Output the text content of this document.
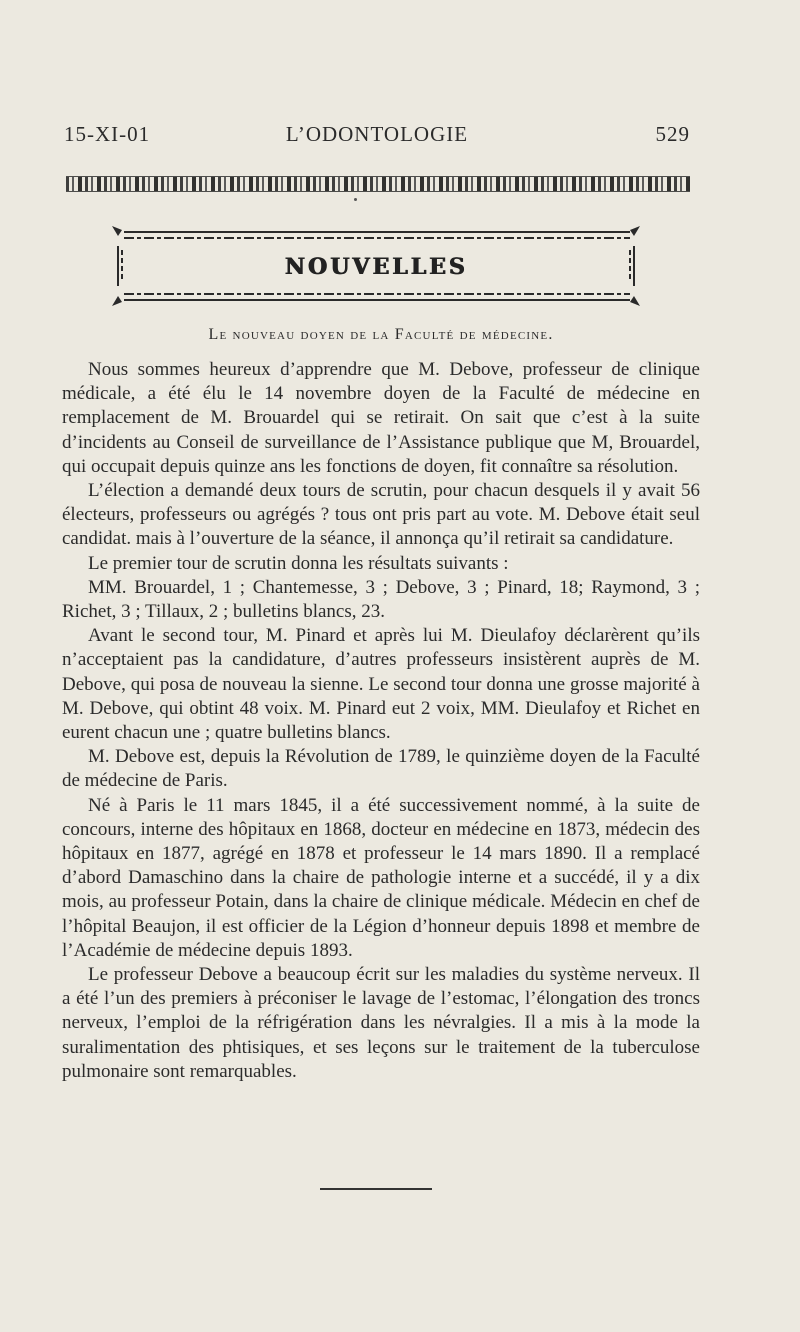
15-XI-01	L’ODONTOLOGIE	529
NOUVELLES
Le nouveau doyen de la Faculté de médecine.

Nous sommes heureux d’apprendre que M. Debove, professeur de clinique médicale, a été élu le 14 novembre doyen de la Faculté de médecine en remplacement de M. Brouardel qui se retirait. On sait que c’est à la suite d’incidents au Conseil de surveillance de l’Assistance publique que M, Brouardel, qui occupait depuis quinze ans les fonctions de doyen, fit connaître sa résolution.

L’élection a demandé deux tours de scrutin, pour chacun desquels il y avait 56 électeurs, professeurs ou agrégés ? tous ont pris part au vote. M. Debove était seul candidat. mais à l’ouverture de la séance, il annonça qu’il retirait sa candidature.

Le premier tour de scrutin donna les résultats suivants :

MM. Brouardel, 1 ; Chantemesse, 3 ; Debove, 3 ; Pinard, 18; Raymond, 3 ; Richet, 3 ; Tillaux, 2 ; bulletins blancs, 23.

Avant le second tour, M. Pinard et après lui M. Dieulafoy déclarèrent qu’ils n’acceptaient pas la candidature, d’autres professeurs insistèrent auprès de M. Debove, qui posa de nouveau la sienne. Le second tour donna une grosse majorité à M. Debove, qui obtint 48 voix. M. Pinard eut 2 voix, MM. Dieulafoy et Richet en eurent chacun une ; quatre bulletins blancs.

M. Debove est, depuis la Révolution de 1789, le quinzième doyen de la Faculté de médecine de Paris.

Né à Paris le 11 mars 1845, il a été successivement nommé, à la suite de concours, interne des hôpitaux en 1868, docteur en médecine en 1873, médecin des hôpitaux en 1877, agrégé en 1878 et professeur le 14 mars 1890. Il a remplacé d’abord Damaschino dans la chaire de pathologie interne et a succédé, il y a dix mois, au professeur Potain, dans la chaire de clinique médicale. Médecin en chef de l’hôpital Beaujon, il est officier de la Légion d’honneur depuis 1898 et membre de l’Académie de médecine depuis 1893.

Le professeur Debove a beaucoup écrit sur les maladies du système nerveux. Il a été l’un des premiers à préconiser le lavage de l’estomac, l’élongation des troncs nerveux, l’emploi de la réfrigération dans les névralgies. Il a mis à la mode la suralimentation des phtisiques, et ses leçons sur le traitement de la tuberculose pulmonaire sont remarquables.
